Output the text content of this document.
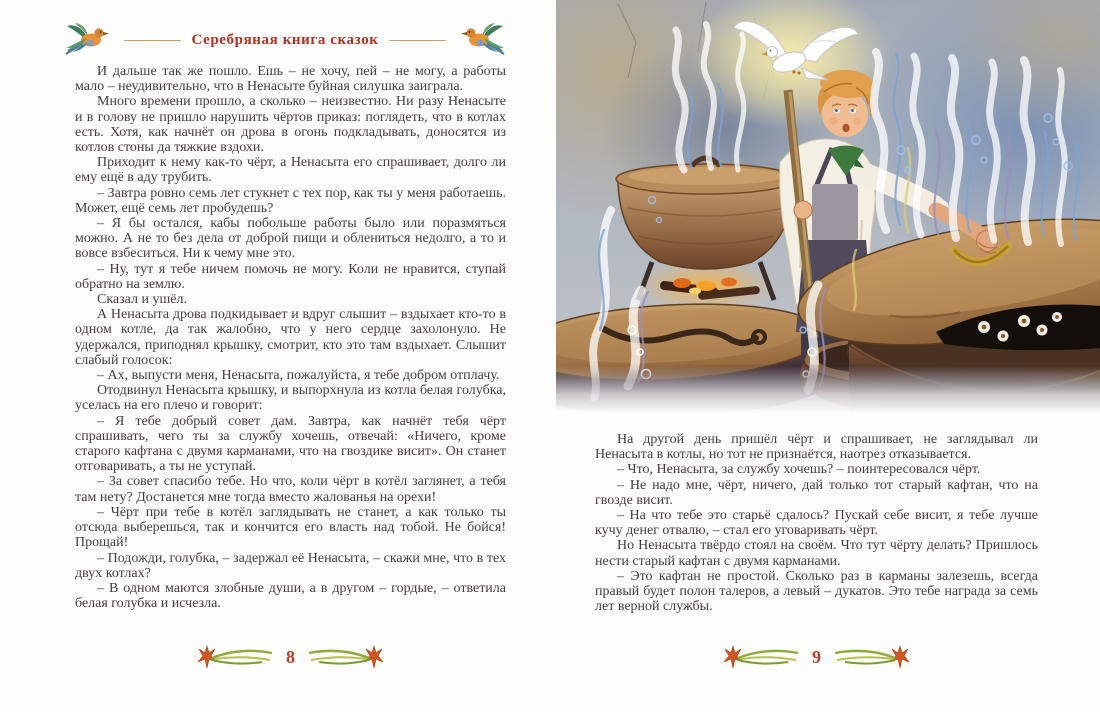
Серебряная книга сказок

И дальше так же пошло. Ешь – не хочу, пей – не могу, а работы мало – неудивительно, что в Ненасыте буйная силушка заиграла.

Много времени прошло, а сколько – неизвестно. Ни разу Ненасыте и в голову не пришло нарушить чёртов приказ: поглядеть, что в котлах есть. Хотя, как начнёт он дрова в огонь подкладывать, доносятся из котлов стоны да тяжкие вздохи.

Приходит к нему как-то чёрт, а Ненасыта его спрашивает, долго ли ему ещё в аду трубить.

– Завтра ровно семь лет стукнет с тех пор, как ты у меня работаешь. Может, ещё семь лет пробудешь?

– Я бы остался, кабы побольше работы было или поразмяться можно. А не то без дела от доброй пищи и облениться недолго, а то и вовсе взбеситься. Ни к чему мне это.

– Ну, тут я тебе ничем помочь не могу. Коли не нравится, ступай обратно на землю.

Сказал и ушёл.

А Ненасыта дрова подкидывает и вдруг слышит – вздыхает кто-то в одном котле, да так жалобно, что у него сердце захолонуло. Не удержался, приподнял крышку, смотрит, кто это там вздыхает. Слышит слабый голосок:

– Ах, выпусти меня, Ненасыта, пожалуйста, я тебе добром отплачу.

Отодвинул Ненасыта крышку, и выпорхнула из котла белая голубка, уселась на его плечо и говорит:

– Я тебе добрый совет дам. Завтра, как начнёт тебя чёрт спрашивать, чего ты за службу хочешь, отвечай: «Ничего, кроме старого кафтана с двумя карманами, что на гвоздике висит». Он станет отговаривать, а ты не уступай.

– За совет спасибо тебе. Но что, коли чёрт в котёл заглянет, а тебя там нету? Достанется мне тогда вместо жалованья на орехи!

– Чёрт при тебе в котёл заглядывать не станет, а как только ты отсюда выберешься, так и кончится его власть над тобой. Не бойся! Прощай!

– Подожди, голубка, – задержал её Ненасыта, – скажи мне, что в тех двух котлах?

– В одном маются злобные души, а в другом – гордые, – ответила белая голубка и исчезла.

На другой день пришёл чёрт и спрашивает, не заглядывал ли Ненасыта в котлы, но тот не признаётся, наотрез отказывается.

– Что, Ненасыта, за службу хочешь? – поинтересовался чёрт.

– Не надо мне, чёрт, ничего, дай только тот старый кафтан, что на гвозде висит.

– На что тебе это старьё сдалось? Пускай себе висит, я тебе лучше кучу денег отвалю, – стал его уговаривать чёрт.

Но Ненасыта твёрдо стоял на своём. Что тут чёрту делать? Пришлось нести старый кафтан с двумя карманами.

– Это кафтан не простой. Сколько раз в карманы залезешь, всегда правый будет полон талеров, а левый – дукатов. Это тебе награда за семь лет верной службы.

8	9
